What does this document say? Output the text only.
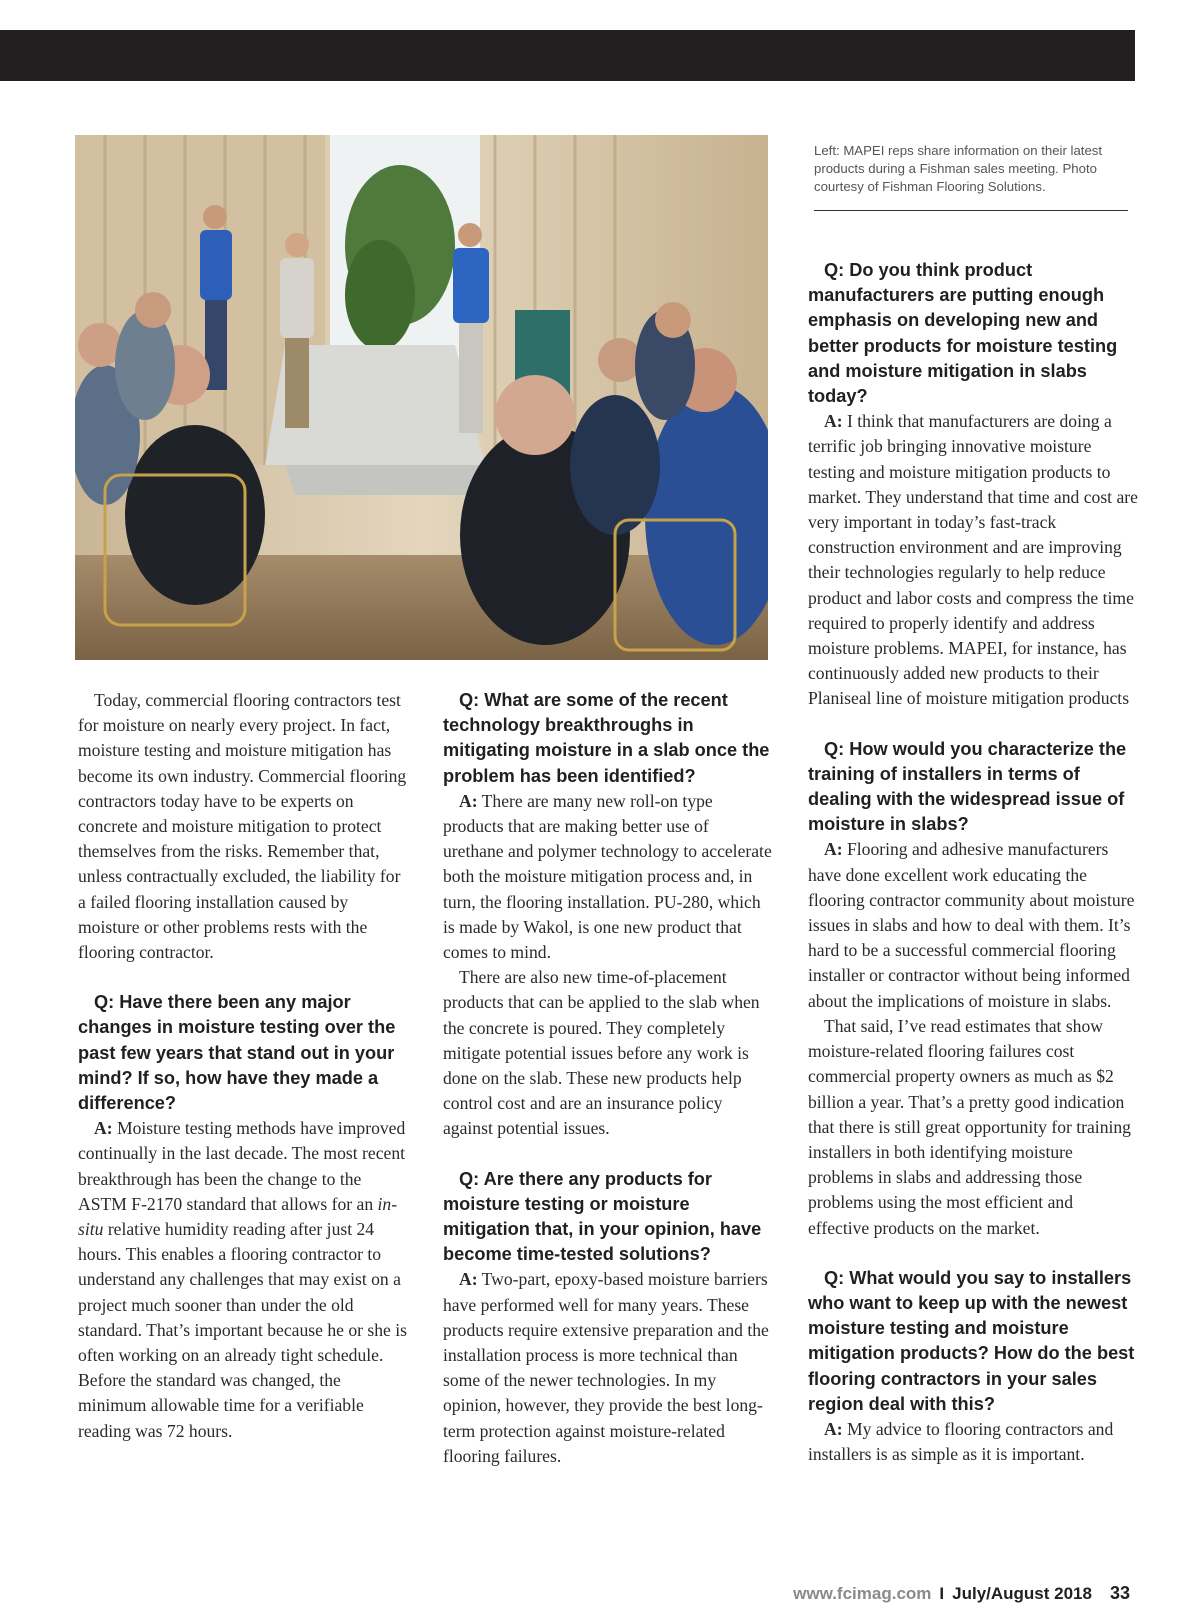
Left: MAPEI reps share information on their latest products during a Fishman sales meeting. Photo courtesy of Fishman Flooring Solutions.

Today, commercial flooring contractors test for moisture on nearly every project. In fact, moisture testing and moisture mitigation has become its own industry. Commercial flooring contractors today have to be experts on concrete and moisture mitigation to protect themselves from the risks. Remember that, unless contractually excluded, the liability for a failed flooring installation caused by moisture or other problems rests with the flooring contractor.

Q: Have there been any major changes in moisture testing over the past few years that stand out in your mind? If so, how have they made a difference?

A: Moisture testing methods have improved continually in the last decade. The most recent breakthrough has been the change to the ASTM F-2170 standard that allows for an in-situ relative humidity reading after just 24 hours. This enables a flooring contractor to understand any challenges that may exist on a project much sooner than under the old standard. That’s important because he or she is often working on an already tight schedule. Before the standard was changed, the minimum allowable time for a verifiable reading was 72 hours.

Q: What are some of the recent technology breakthroughs in mitigating moisture in a slab once the problem has been identified?

A: There are many new roll-on type products that are making better use of urethane and polymer technology to accelerate both the moisture mitigation process and, in turn, the flooring installation. PU-280, which is made by Wakol, is one new product that comes to mind.

There are also new time-of-placement products that can be applied to the slab when the concrete is poured. They completely mitigate potential issues before any work is done on the slab. These new products help control cost and are an insurance policy against potential issues.

Q: Are there any products for moisture testing or moisture mitigation that, in your opinion, have become time-tested solutions?

A: Two-part, epoxy-based moisture barriers have performed well for many years. These products require extensive preparation and the installation process is more technical than some of the newer technologies. In my opinion, however, they provide the best long-term protection against moisture-related flooring failures.

Q: Do you think product manufacturers are putting enough emphasis on developing new and better products for moisture testing and moisture mitigation in slabs today?

A: I think that manufacturers are doing a terrific job bringing innovative moisture testing and moisture mitigation products to market. They understand that time and cost are very important in today’s fast-track construction environment and are improving their technologies regularly to help reduce product and labor costs and compress the time required to properly identify and address moisture problems. MAPEI, for instance, has continuously added new products to their Planiseal line of moisture mitigation products

Q: How would you characterize the training of installers in terms of dealing with the widespread issue of moisture in slabs?

A: Flooring and adhesive manufacturers have done excellent work educating the flooring contractor community about moisture issues in slabs and how to deal with them. It’s hard to be a successful commercial flooring installer or contractor without being informed about the implications of moisture in slabs.

That said, I’ve read estimates that show moisture-related flooring failures cost commercial property owners as much as $2 billion a year. That’s a pretty good indication that there is still great opportunity for training installers in both identifying moisture problems in slabs and addressing those problems using the most efficient and effective products on the market.

Q: What would you say to installers who want to keep up with the newest moisture testing and moisture mitigation products? How do the best flooring contractors in your sales region deal with this?

A: My advice to flooring contractors and installers is as simple as it is important.

www.fcimag.com I July/August 2018 33
